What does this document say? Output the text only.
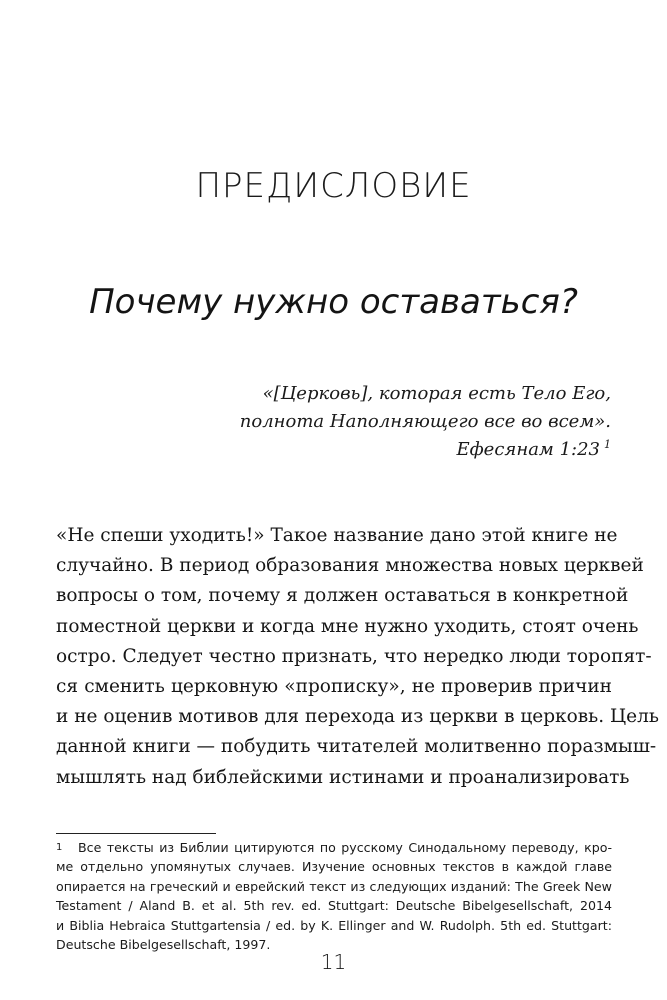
ПРЕДИСЛОВИЕ
Почему нужно оставаться?
«[Церковь], которая есть Тело Его,
полнота Наполняющего все во всем».
Ефесянам 1:23 $^1$
«Не спеши уходить!» Такое название дано этой книге не
случайно. В период образования множества новых церквей
вопросы о том, почему я должен оставаться в конкретной
поместной церкви и когда мне нужно уходить, стоят очень
остро. Следует честно признать, что нередко люди торопят-
ся сменить церковную «прописку», не проверив причин
и не оценив мотивов для перехода из церкви в церковь. Цель
данной книги — побудить читателей молитвенно поразмыш-
мышлять над библейскими истинами и проанализировать
1 Все тексты из Библии цитируются по русскому Синодальному переводу, кро-
ме отдельно упомянутых случаев. Изучение основных текстов в каждой главе
опирается на греческий и еврейский текст из следующих изданий: The Greek New
Testament / Aland B. et al. 5th rev. ed. Stuttgart: Deutsche Bibelgesellschaft, 2014
и Biblia Hebraica Stuttgartensia / ed. by K. Ellinger and W. Rudolph. 5th ed. Stuttgart:
Deutsche Bibelgesellschaft, 1997.
11
